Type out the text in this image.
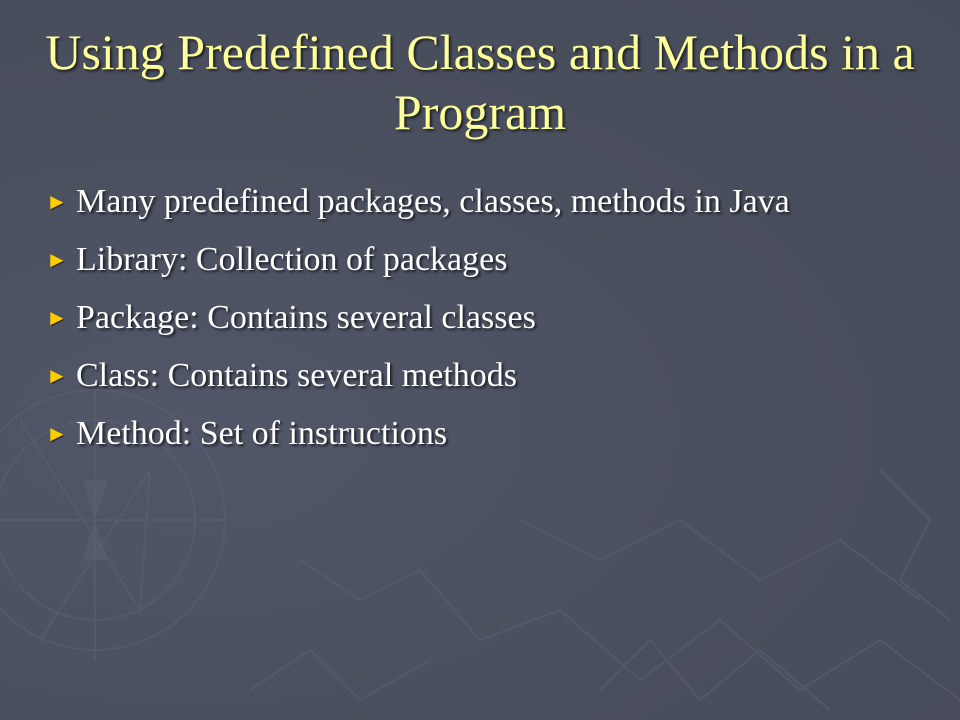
Using Predefined Classes and Methods in a Program
► Many predefined packages, classes, methods in Java
► Library: Collection of packages
► Package: Contains several classes
► Class: Contains several methods
► Method: Set of instructions
